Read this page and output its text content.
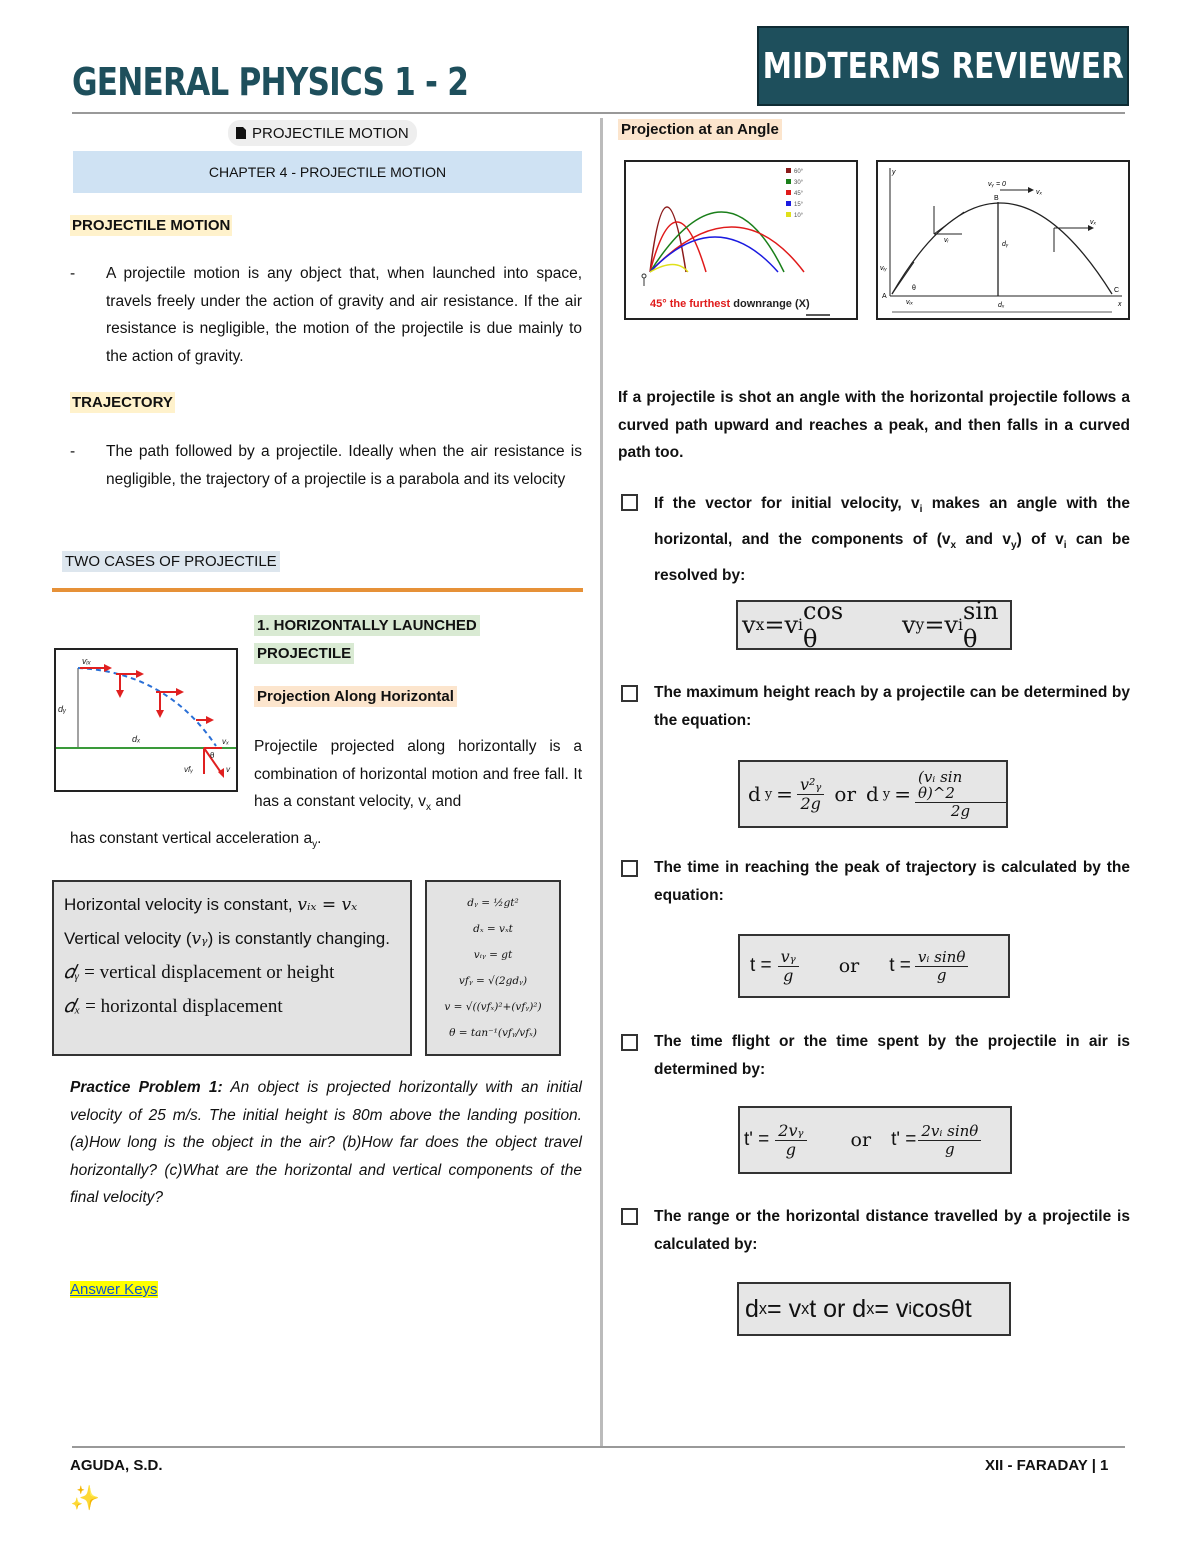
GENERAL PHYSICS 1 - 2	MIDTERMS REVIEWER
PROJECTILE MOTION
CHAPTER 4 - PROJECTILE MOTION
PROJECTILE MOTION
- A projectile motion is any object that, when launched into space, travels freely under the action of gravity and air resistance. If the air resistance is negligible, the motion of the projectile is due mainly to the action of gravity.
TRAJECTORY
- The path followed by a projectile. Ideally when the air resistance is negligible, the trajectory of a projectile is a parabola and its velocity
TWO CASES OF PROJECTILE
vᵢₓ
dᵧ
dₓ	vₓ
vfᵧ	v
θ
1. HORIZONTALLY LAUNCHED
PROJECTILE
Projection Along Horizontal
Projectile projected along horizontally is a combination of horizontal motion and free fall. It has a constant velocity, $v_x$ and
has constant vertical acceleration $a_y$.
Horizontal velocity is constant, 𝑣ᵢₓ = 𝑣ₓ
Vertical velocity (𝑣ᵧ) is constantly changing.
𝑑ᵧ = vertical displacement or height
𝑑ₓ = horizontal displacement
dᵧ = ½gt²
dₓ = vₓt
vᵢᵧ = gt
vfᵧ = √(2gdᵧ)
v = √((vfₓ)²+(vfᵧ)²)
θ = tan⁻¹(vfᵧ/vfₓ)
Practice Problem 1: An object is projected horizontally with an initial velocity of 25 m/s. The initial height is 80m above the landing position. (a)How long is the object in the air? (b)How far does the object travel horizontally? (c)What are the horizontal and vertical components of the final velocity?
Answer Keys
Projection at an Angle
60°
30°
45°
15°
10°
45° the furthest downrange (X)
vᵧ = 0
vₓ
vₓ
vᵢ
dᵧ
dₓ
vᵢₓ
vᵢᵧ
θ
A
B
C
y
x
If a projectile is shot an angle with the horizontal projectile follows a curved path upward and reaches a peak, and then falls in a curved path too.
If the vector for initial velocity, $v_i$ makes an angle with the horizontal, and the components of ($v_x$ and $v_y$) of $v_i$ can be resolved by:
v x =v i cos θ	v y =v i sin θ
The maximum height reach by a projectile can be determined by the equation:
d $y = \frac{\text{v²ᵧ}}{2g}$ or d $y = \frac{\text{(vᵢ sin θ)\textasciicircum{}2}}{2g}$
The time in reaching the peak of trajectory is calculated by the equation:
$t = \frac{\text{vᵧ}}{g}$ or $t = \frac{\text{vᵢ sinθ}}{g}$
The time flight or the time spent by the projectile in air is determined by:
$t' = \frac{\text{2vᵧ}}{g}$ or $t' = \frac{\text{2vᵢ sinθ}}{g}$
The range or the horizontal distance travelled by a projectile is calculated by:
d x = v x t or d x = v i cosθt
AGUDA, S.D.
✨
XII - FARADAY | 1
